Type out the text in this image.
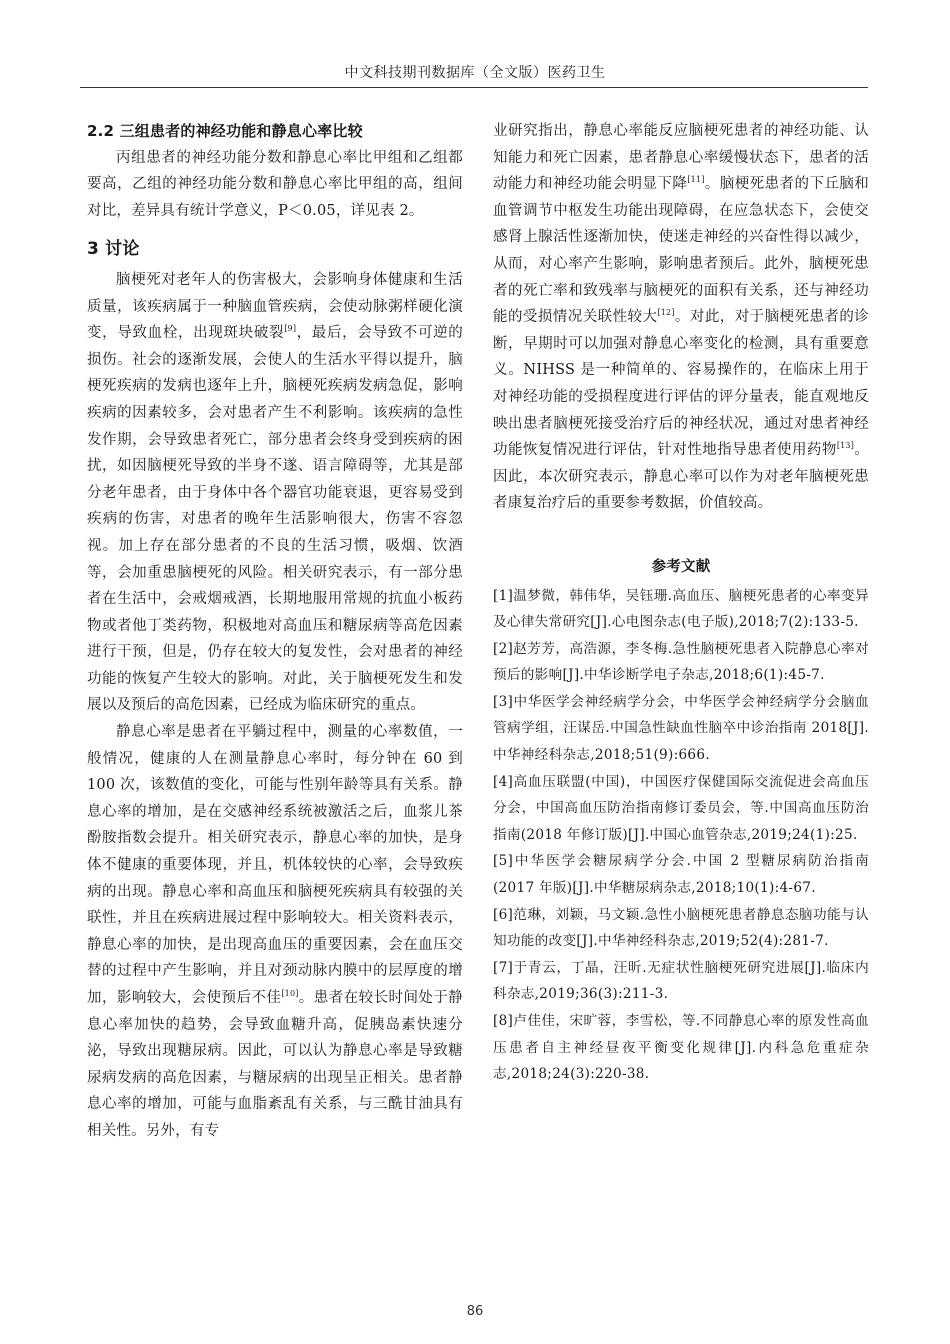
中文科技期刊数据库（全文版）医药卫生

2.2 三组患者的神经功能和静息心率比较

丙组患者的神经功能分数和静息心率比甲组和乙组都要高，乙组的神经功能分数和静息心率比甲组的高，组间对比，差异具有统计学意义，P＜0.05，详见表 2。

3 讨论

脑梗死对老年人的伤害极大，会影响身体健康和生活质量，该疾病属于一种脑血管疾病，会使动脉粥样硬化演变，导致血栓，出现斑块破裂[9]，最后，会导致不可逆的损伤。社会的逐渐发展，会使人的生活水平得以提升，脑梗死疾病的发病也逐年上升，脑梗死疾病发病急促，影响疾病的因素较多，会对患者产生不利影响。该疾病的急性发作期，会导致患者死亡，部分患者会终身受到疾病的困扰，如因脑梗死导致的半身不遂、语言障碍等，尤其是部分老年患者，由于身体中各个器官功能衰退，更容易受到疾病的伤害，对患者的晚年生活影响很大，伤害不容忽视。加上存在部分患者的不良的生活习惯，吸烟、饮酒等，会加重患脑梗死的风险。相关研究表示，有一部分患者在生活中，会戒烟戒酒，长期地服用常规的抗血小板药物或者他丁类药物，积极地对高血压和糖尿病等高危因素进行干预，但是，仍存在较大的复发性，会对患者的神经功能的恢复产生较大的影响。对此，关于脑梗死发生和发展以及预后的高危因素，已经成为临床研究的重点。

静息心率是患者在平躺过程中，测量的心率数值，一般情况，健康的人在测量静息心率时，每分钟在 60 到 100 次，该数值的变化，可能与性别年龄等具有关系。静息心率的增加，是在交感神经系统被激活之后，血浆儿茶酚胺指数会提升。相关研究表示，静息心率的加快，是身体不健康的重要体现，并且，机体较快的心率，会导致疾病的出现。静息心率和高血压和脑梗死疾病具有较强的关联性，并且在疾病进展过程中影响较大。相关资料表示，静息心率的加快，是出现高血压的重要因素，会在血压交替的过程中产生影响，并且对颈动脉内膜中的层厚度的增加，影响较大，会使预后不佳[10]。患者在较长时间处于静息心率加快的趋势，会导致血糖升高，促胰岛素快速分泌，导致出现糖尿病。因此，可以认为静息心率是导致糖尿病发病的高危因素，与糖尿病的出现呈正相关。患者静息心率的增加，可能与血脂紊乱有关系，与三酰甘油具有相关性。另外，有专

业研究指出，静息心率能反应脑梗死患者的神经功能、认知能力和死亡因素，患者静息心率缓慢状态下，患者的活动能力和神经功能会明显下降[11]。脑梗死患者的下丘脑和血管调节中枢发生功能出现障碍，在应急状态下，会使交感肾上腺活性逐渐加快，使迷走神经的兴奋性得以减少，从而，对心率产生影响，影响患者预后。此外，脑梗死患者的死亡率和致残率与脑梗死的面积有关系，还与神经功能的受损情况关联性较大[12]。对此，对于脑梗死患者的诊断，早期时可以加强对静息心率变化的检测，具有重要意义。NIHSS 是一种简单的、容易操作的，在临床上用于对神经功能的受损程度进行评估的评分量表，能直观地反映出患者脑梗死接受治疗后的神经状况，通过对患者神经功能恢复情况进行评估，针对性地指导患者使用药物[13]。因此，本次研究表示，静息心率可以作为对老年脑梗死患者康复治疗后的重要参考数据，价值较高。

参考文献

[1]温梦微，韩伟华，吴钰珊.高血压、脑梗死患者的心率变异及心律失常研究[J].心电图杂志(电子版),2018;7(2):133-5.

[2]赵芳芳，高浩源，李冬梅.急性脑梗死患者入院静息心率对预后的影响[J].中华诊断学电子杂志,2018;6(1):45-7.

[3]中华医学会神经病学分会，中华医学会神经病学分会脑血管病学组，汪谋岳.中国急性缺血性脑卒中诊治指南 2018[J].中华神经科杂志,2018;51(9):666.

[4]高血压联盟(中国)，中国医疗保健国际交流促进会高血压分会，中国高血压防治指南修订委员会，等.中国高血压防治指南(2018 年修订版)[J].中国心血管杂志,2019;24(1):25.

[5]中华医学会糖尿病学分会.中国 2 型糖尿病防治指南(2017 年版)[J].中华糖尿病杂志,2018;10(1):4-67.

[6]范琳，刘颖，马文颖.急性小脑梗死患者静息态脑功能与认知功能的改变[J].中华神经科杂志,2019;52(4):281-7.

[7]于青云，丁晶，汪昕.无症状性脑梗死研究进展[J].临床内科杂志,2019;36(3):211-3.

[8]卢佳佳，宋旷蓉，李雪松，等.不同静息心率的原发性高血压患者自主神经昼夜平衡变化规律[J].内科急危重症杂志,2018;24(3):220-38.

86
